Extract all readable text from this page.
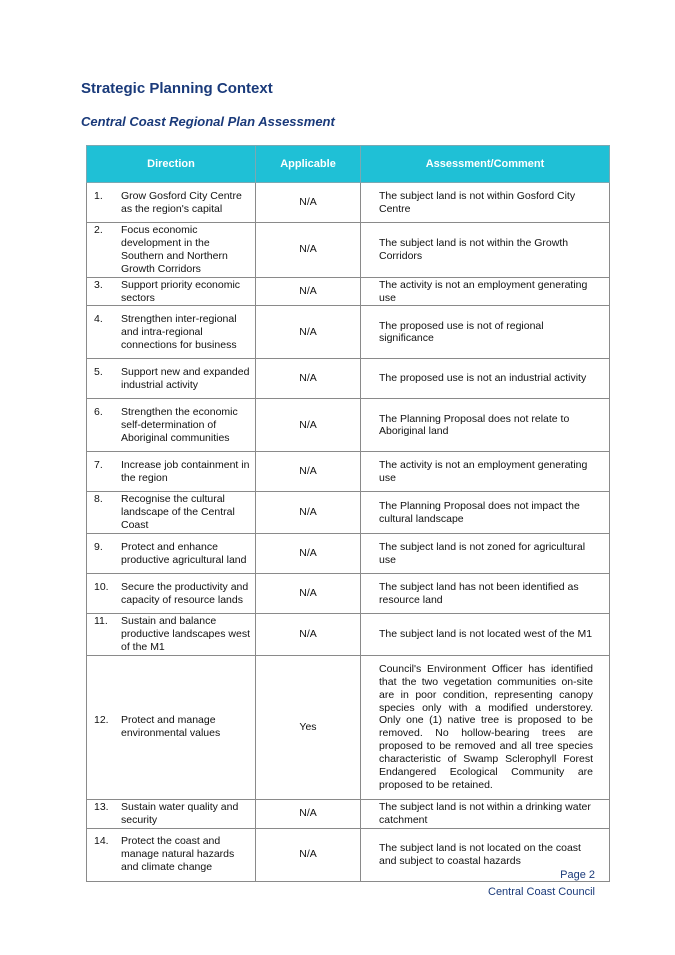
Strategic Planning Context
Central Coast Regional Plan Assessment
Direction	Applicable	Assessment/Comment

1. Grow Gosford City Centre as the region's capital	N/A	The subject land is not within Gosford City Centre

2. Focus economic development in the Southern and Northern Growth Corridors	N/A	The subject land is not within the Growth Corridors

3. Support priority economic sectors	N/A	The activity is not an employment generating use

4. Strengthen inter-regional and intra-regional connections for business	N/A	The proposed use is not of regional significance

5. Support new and expanded industrial activity	N/A	The proposed use is not an industrial activity

6. Strengthen the economic self-determination of Aboriginal communities	N/A	The Planning Proposal does not relate to Aboriginal land

7. Increase job containment in the region	N/A	The activity is not an employment generating use

8. Recognise the cultural landscape of the Central Coast	N/A	The Planning Proposal does not impact the cultural landscape

9. Protect and enhance productive agricultural land	N/A	The subject land is not zoned for agricultural use

10. Secure the productivity and capacity of resource lands	N/A	The subject land has not been identified as resource land

11. Sustain and balance productive landscapes west of the M1	N/A	The subject land is not located west of the M1

12. Protect and manage environmental values	Yes	Council's Environment Officer has identified that the two vegetation communities on-site are in poor condition, representing canopy species only with a modified understorey. Only one (1) native tree is proposed to be removed. No hollow-bearing trees are proposed to be removed and all tree species characteristic of Swamp Sclerophyll Forest Endangered Ecological Community are proposed to be retained.

13. Sustain water quality and security	N/A	The subject land is not within a drinking water catchment

14. Protect the coast and manage natural hazards and climate change	N/A	The subject land is not located on the coast and subject to coastal hazards
Page 2
Central Coast Council
